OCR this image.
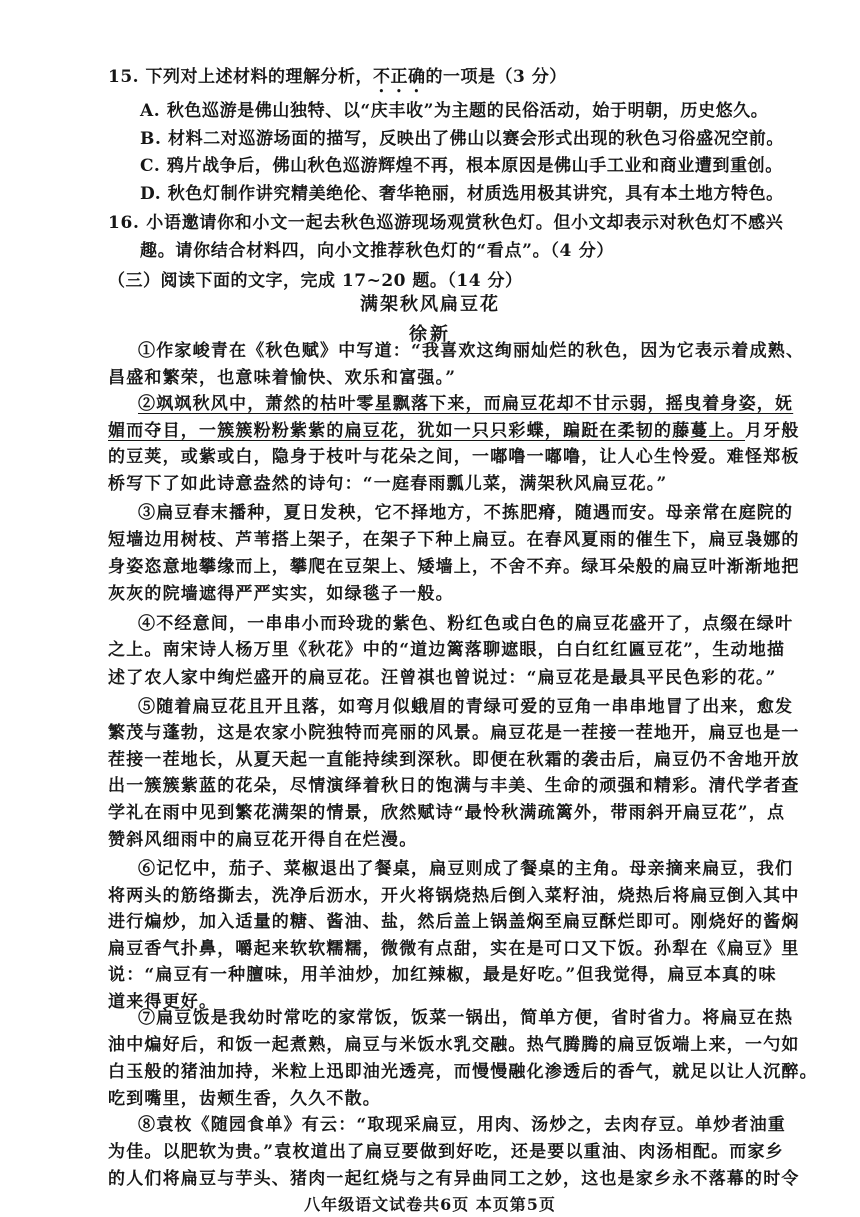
15. 下列对上述材料的理解分析，不正确的一项是（3 分）
A. 秋色巡游是佛山独特、以“庆丰收”为主题的民俗活动，始于明朝，历史悠久。
B. 材料二对巡游场面的描写，反映出了佛山以赛会形式出现的秋色习俗盛况空前。
C. 鸦片战争后，佛山秋色巡游辉煌不再，根本原因是佛山手工业和商业遭到重创。
D. 秋色灯制作讲究精美绝伦、奢华艳丽，材质选用极其讲究，具有本土地方特色。
16. 小语邀请你和小文一起去秋色巡游现场观赏秋色灯。但小文却表示对秋色灯不感兴
趣。请你结合材料四，向小文推荐秋色灯的“看点”。（4 分）
（三）阅读下面的文字，完成 17~20 题。（14 分）
满架秋风扁豆花
徐新
①作家峻青在《秋色赋》中写道：“我喜欢这绚丽灿烂的秋色，因为它表示着成熟、
昌盛和繁荣，也意味着愉快、欢乐和富强。”
②飒飒秋风中，萧然的枯叶零星飘落下来，而扁豆花却不甘示弱，摇曳着身姿，妩
媚而夺目，一簇簇粉粉紫紫的扁豆花，犹如一只只彩蝶，蹁跹在柔韧的藤蔓上。月牙般
的豆荚，或紫或白，隐身于枝叶与花朵之间，一嘟噜一嘟噜，让人心生怜爱。难怪郑板
桥写下了如此诗意盎然的诗句：“一庭春雨瓢儿菜，满架秋风扁豆花。”
③扁豆春末播种，夏日发秧，它不择地方，不拣肥瘠，随遇而安。母亲常在庭院的
短墙边用树枝、芦苇搭上架子，在架子下种上扁豆。在春风夏雨的催生下，扁豆袅娜的
身姿恣意地攀缘而上，攀爬在豆架上、矮墙上，不舍不弃。绿耳朵般的扁豆叶渐渐地把
灰灰的院墙遮得严严实实，如绿毯子一般。
④不经意间，一串串小而玲珑的紫色、粉红色或白色的扁豆花盛开了，点缀在绿叶
之上。南宋诗人杨万里《秋花》中的“道边篱落聊遮眼，白白红红匾豆花”，生动地描
述了农人家中绚烂盛开的扁豆花。汪曾祺也曾说过：“扁豆花是最具平民色彩的花。”
⑤随着扁豆花且开且落，如弯月似蛾眉的青绿可爱的豆角一串串地冒了出来，愈发
繁茂与蓬勃，这是农家小院独特而亮丽的风景。扁豆花是一茬接一茬地开，扁豆也是一
茬接一茬地长，从夏天起一直能持续到深秋。即便在秋霜的袭击后，扁豆仍不舍地开放
出一簇簇紫蓝的花朵，尽情演绎着秋日的饱满与丰美、生命的顽强和精彩。清代学者查
学礼在雨中见到繁花满架的情景，欣然赋诗“最怜秋满疏篱外，带雨斜开扁豆花”，点
赞斜风细雨中的扁豆花开得自在烂漫。
⑥记忆中，茄子、菜椒退出了餐桌，扁豆则成了餐桌的主角。母亲摘来扁豆，我们
将两头的筋络撕去，洗净后沥水，开火将锅烧热后倒入菜籽油，烧热后将扁豆倒入其中
进行煸炒，加入适量的糖、酱油、盐，然后盖上锅盖焖至扁豆酥烂即可。刚烧好的酱焖
扁豆香气扑鼻，嚼起来软软糯糯，微微有点甜，实在是可口又下饭。孙犁在《扁豆》里
说：“扁豆有一种膻味，用羊油炒，加红辣椒，最是好吃。”但我觉得，扁豆本真的味
道来得更好。
⑦扁豆饭是我幼时常吃的家常饭，饭菜一锅出，简单方便，省时省力。将扁豆在热
油中煸好后，和饭一起煮熟，扁豆与米饭水乳交融。热气腾腾的扁豆饭端上来，一勺如
白玉般的猪油加持，米粒上迅即油光透亮，而慢慢融化渗透后的香气，就足以让人沉醉。
吃到嘴里，齿颊生香，久久不散。
⑧袁枚《随园食单》有云：“取现采扁豆，用肉、汤炒之，去肉存豆。单炒者油重
为佳。以肥软为贵。”袁枚道出了扁豆要做到好吃，还是要以重油、肉汤相配。而家乡
的人们将扁豆与芋头、猪肉一起红烧与之有异曲同工之妙，这也是家乡永不落幕的时令
八年级语文试卷共6页 本页第5页
